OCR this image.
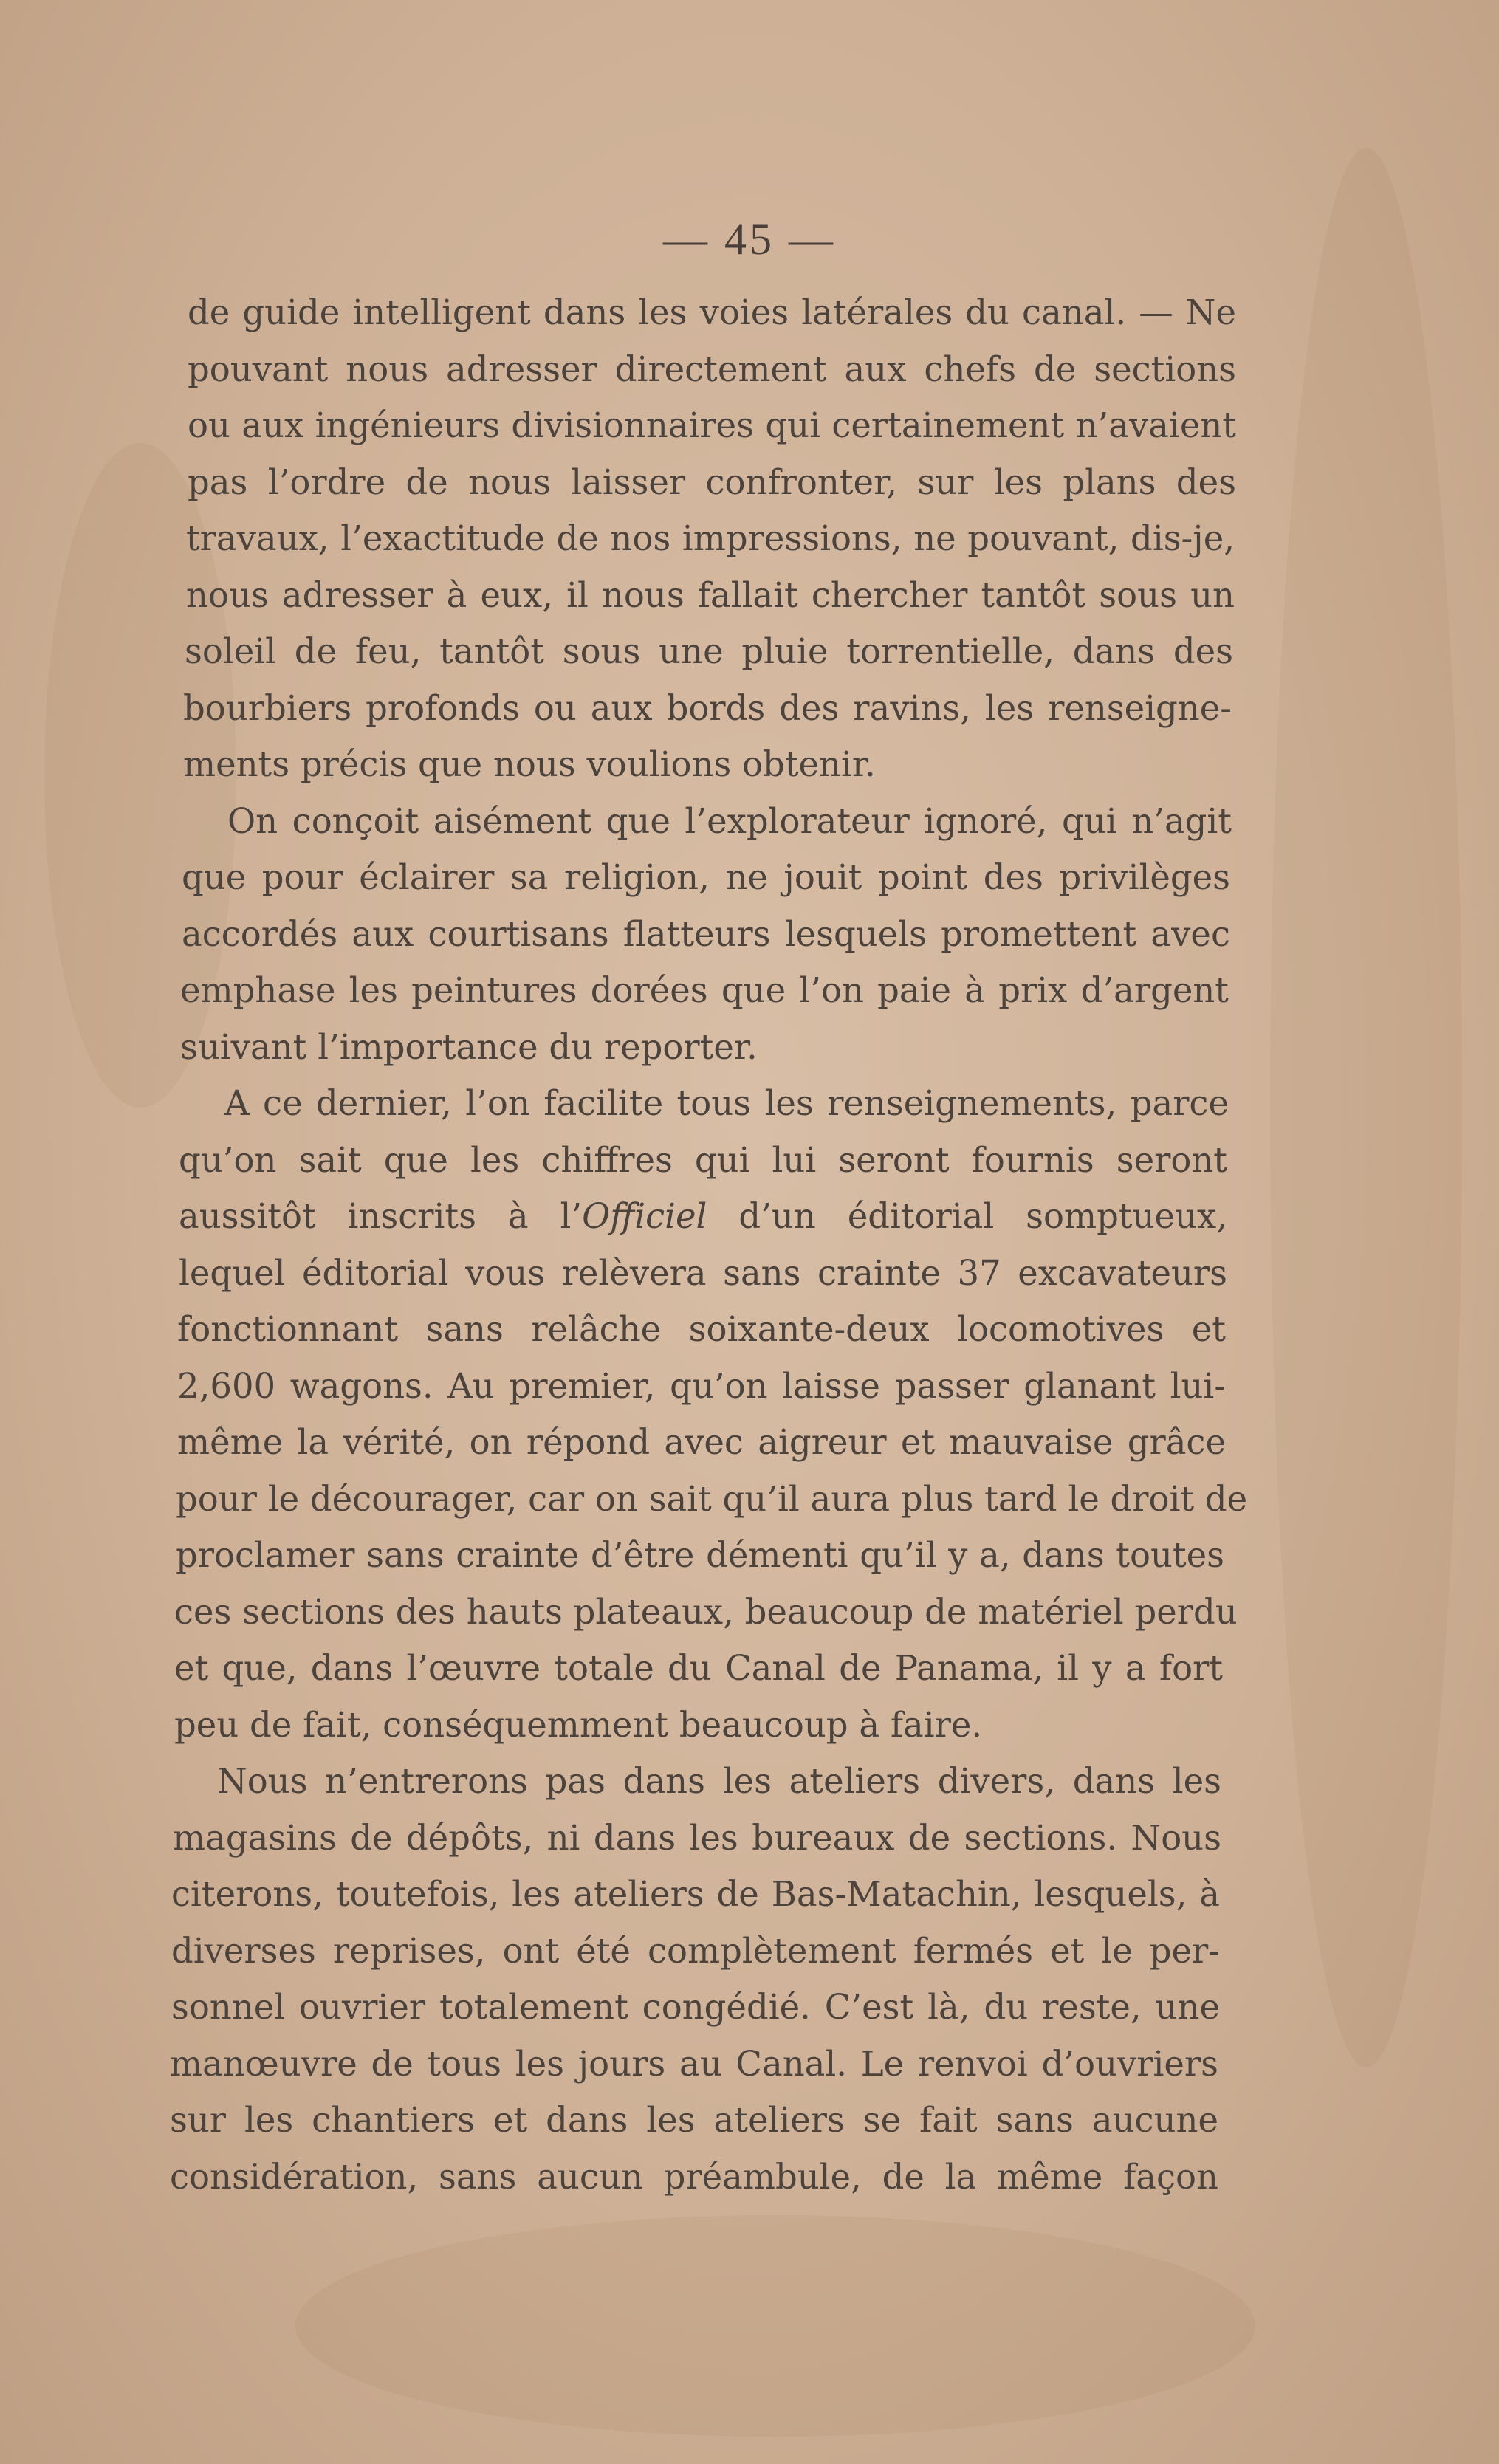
— 45 —
de guide intelligent dans les voies latérales du canal. — Ne
pouvant nous adresser directement aux chefs de sections
ou aux ingénieurs divisionnaires qui certainement n’avaient
pas l’ordre de nous laisser confronter, sur les plans des
travaux, l’exactitude de nos impressions, ne pouvant, dis-je,
nous adresser à eux, il nous fallait chercher tantôt sous un
soleil de feu, tantôt sous une pluie torrentielle, dans des
bourbiers profonds ou aux bords des ravins, les renseigne-
ments précis que nous voulions obtenir.
On conçoit aisément que l’explorateur ignoré, qui n’agit
que pour éclairer sa religion, ne jouit point des privilèges
accordés aux courtisans flatteurs lesquels promettent avec
emphase les peintures dorées que l’on paie à prix d’argent
suivant l’importance du reporter.
A ce dernier, l’on facilite tous les renseignements, parce
qu’on sait que les chiffres qui lui seront fournis seront
aussitôt inscrits à l’Officiel d’un éditorial somptueux,
lequel éditorial vous relèvera sans crainte 37 excavateurs
fonctionnant sans relâche soixante-deux locomotives et
2,600 wagons. Au premier, qu’on laisse passer glanant lui-
même la vérité, on répond avec aigreur et mauvaise grâce
pour le décourager, car on sait qu’il aura plus tard le droit de
proclamer sans crainte d’être démenti qu’il y a, dans toutes
ces sections des hauts plateaux, beaucoup de matériel perdu
et que, dans l’œuvre totale du Canal de Panama, il y a fort
peu de fait, conséquemment beaucoup à faire.
Nous n’entrerons pas dans les ateliers divers, dans les
magasins de dépôts, ni dans les bureaux de sections. Nous
citerons, toutefois, les ateliers de Bas-Matachin, lesquels, à
diverses reprises, ont été complètement fermés et le per-
sonnel ouvrier totalement congédié. C’est là, du reste, une
manœuvre de tous les jours au Canal. Le renvoi d’ouvriers
sur les chantiers et dans les ateliers se fait sans aucune
considération, sans aucun préambule, de la même façon
